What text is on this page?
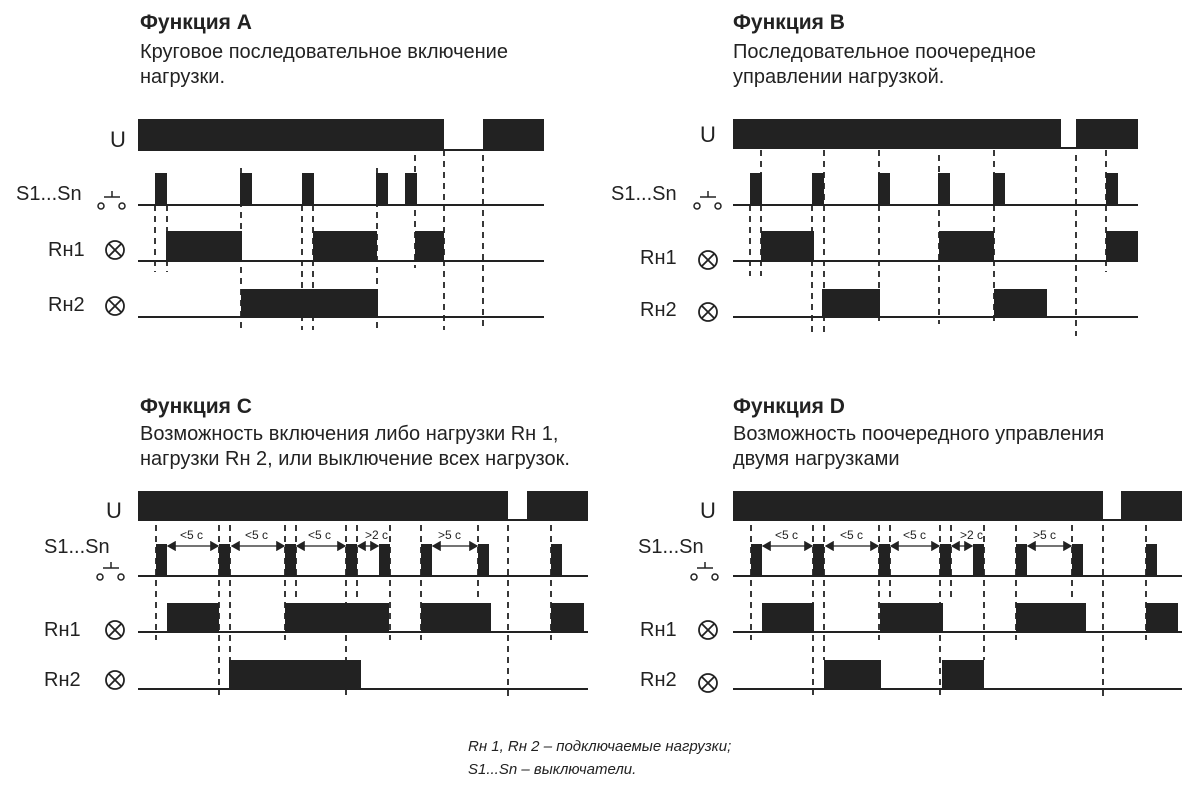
Функция A
Круговое последовательное включение
нагрузки.
U
S1...Sn
Rн1
Rн2
Функция B
Последовательное поочередное
управлении нагрузкой.
U
S1...Sn
Rн1
Rн2
Функция C
Возможность включения либо нагрузки Rн 1,
нагрузки Rн 2, или выключение всех нагрузок.
U
S1...Sn
Rн1
Rн2
<5 c	<5 c	<5 c	>2 c	>5 c
Функция D
Возможность поочередного управления
двумя нагрузками
U
S1...Sn
Rн1
Rн2
<5 c	<5 c	<5 c	>2 c	>5 c
Rн 1, Rн 2 – подключаемые нагрузки;
S1...Sn – выключатели.
